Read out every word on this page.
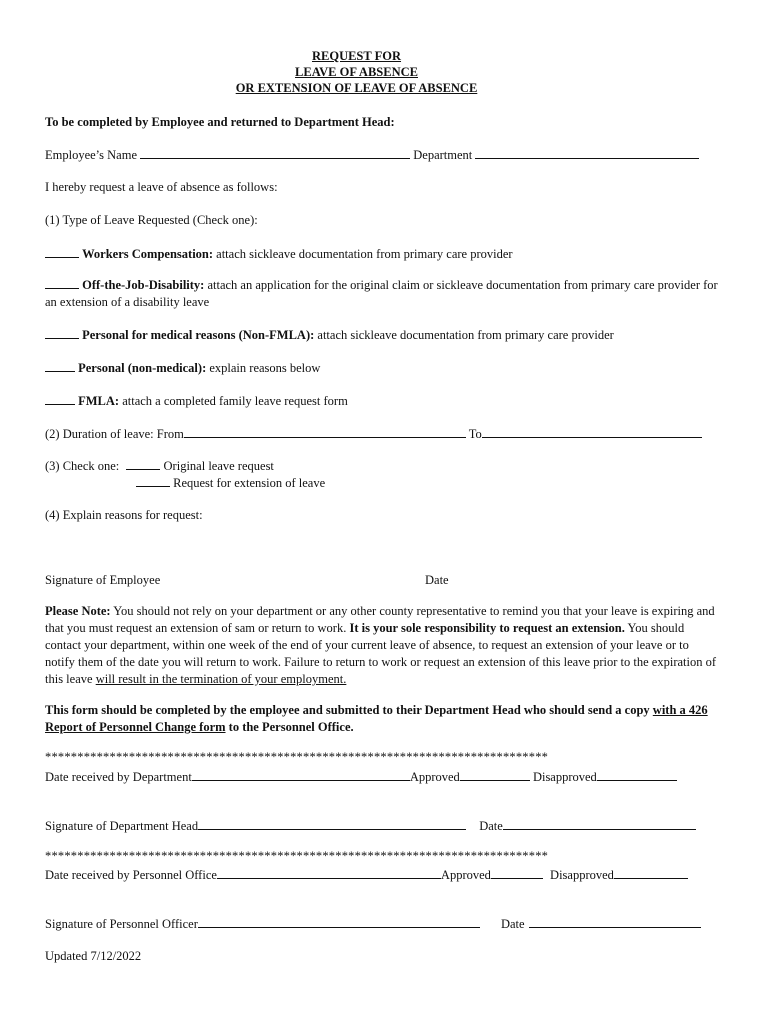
REQUEST FOR
LEAVE OF ABSENCE
OR EXTENSION OF LEAVE OF ABSENCE
To be completed by Employee and returned to Department Head:
Employee’s Name	Department
I hereby request a leave of absence as follows:
(1) Type of Leave Requested (Check one):
Workers Compensation: attach sickleave documentation from primary care provider
Off-the-Job-Disability: attach an application for the original claim or sickleave documentation from primary care provider for an extension of a disability leave
Personal for medical reasons (Non-FMLA): attach sickleave documentation from primary care provider
Personal (non-medical): explain reasons below
FMLA: attach a completed family leave request form
(2) Duration of leave: From	To
(3) Check one:	Original leave request
Request for extension of leave
(4) Explain reasons for request:
Signature of Employee	Date
Please Note: You should not rely on your department or any other county representative to remind you that your leave is expiring and that you must request an extension of sam or return to work. It is your sole responsibility to request an extension. You should contact your department, within one week of the end of your current leave of absence, to request an extension of your leave or to notify them of the date you will return to work. Failure to return to work or request an extension of this leave prior to the expiration of this leave will result in the termination of your employment.
This form should be completed by the employee and submitted to their Department Head who should send a copy with a 426 Report of Personnel Change form to the Personnel Office.
******************************************************************************
Date received by Department	Approved	Disapproved
Signature of Department Head	Date
******************************************************************************
Date received by Personnel Office	Approved	Disapproved
Signature of Personnel Officer	Date
Updated 7/12/2022
